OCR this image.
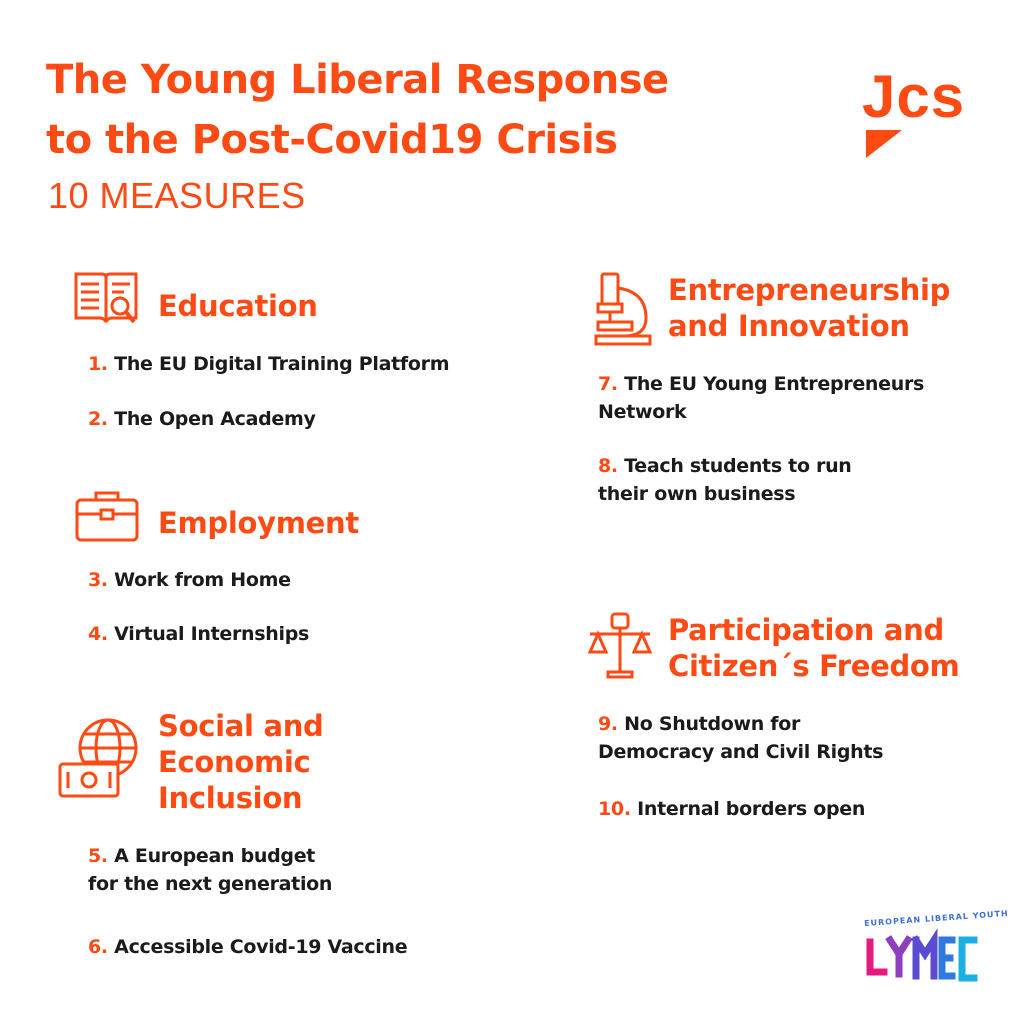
The Young Liberal Response
to the Post-Covid19 Crisis
10 MEASURES
Jcs
Education
1. The EU Digital Training Platform
2. The Open Academy
Employment
3. Work from Home
4. Virtual Internships
Social and
Economic
Inclusion
5. A European budget
for the next generation
6. Accessible Covid-19 Vaccine
Entrepreneurship
and Innovation
7. The EU Young Entrepreneurs
Network
8. Teach students to run
their own business
Participation and
Citizen´s Freedom
9. No Shutdown for
Democracy and Civil Rights
10. Internal borders open
EUROPEAN LIBERAL YOUTH
